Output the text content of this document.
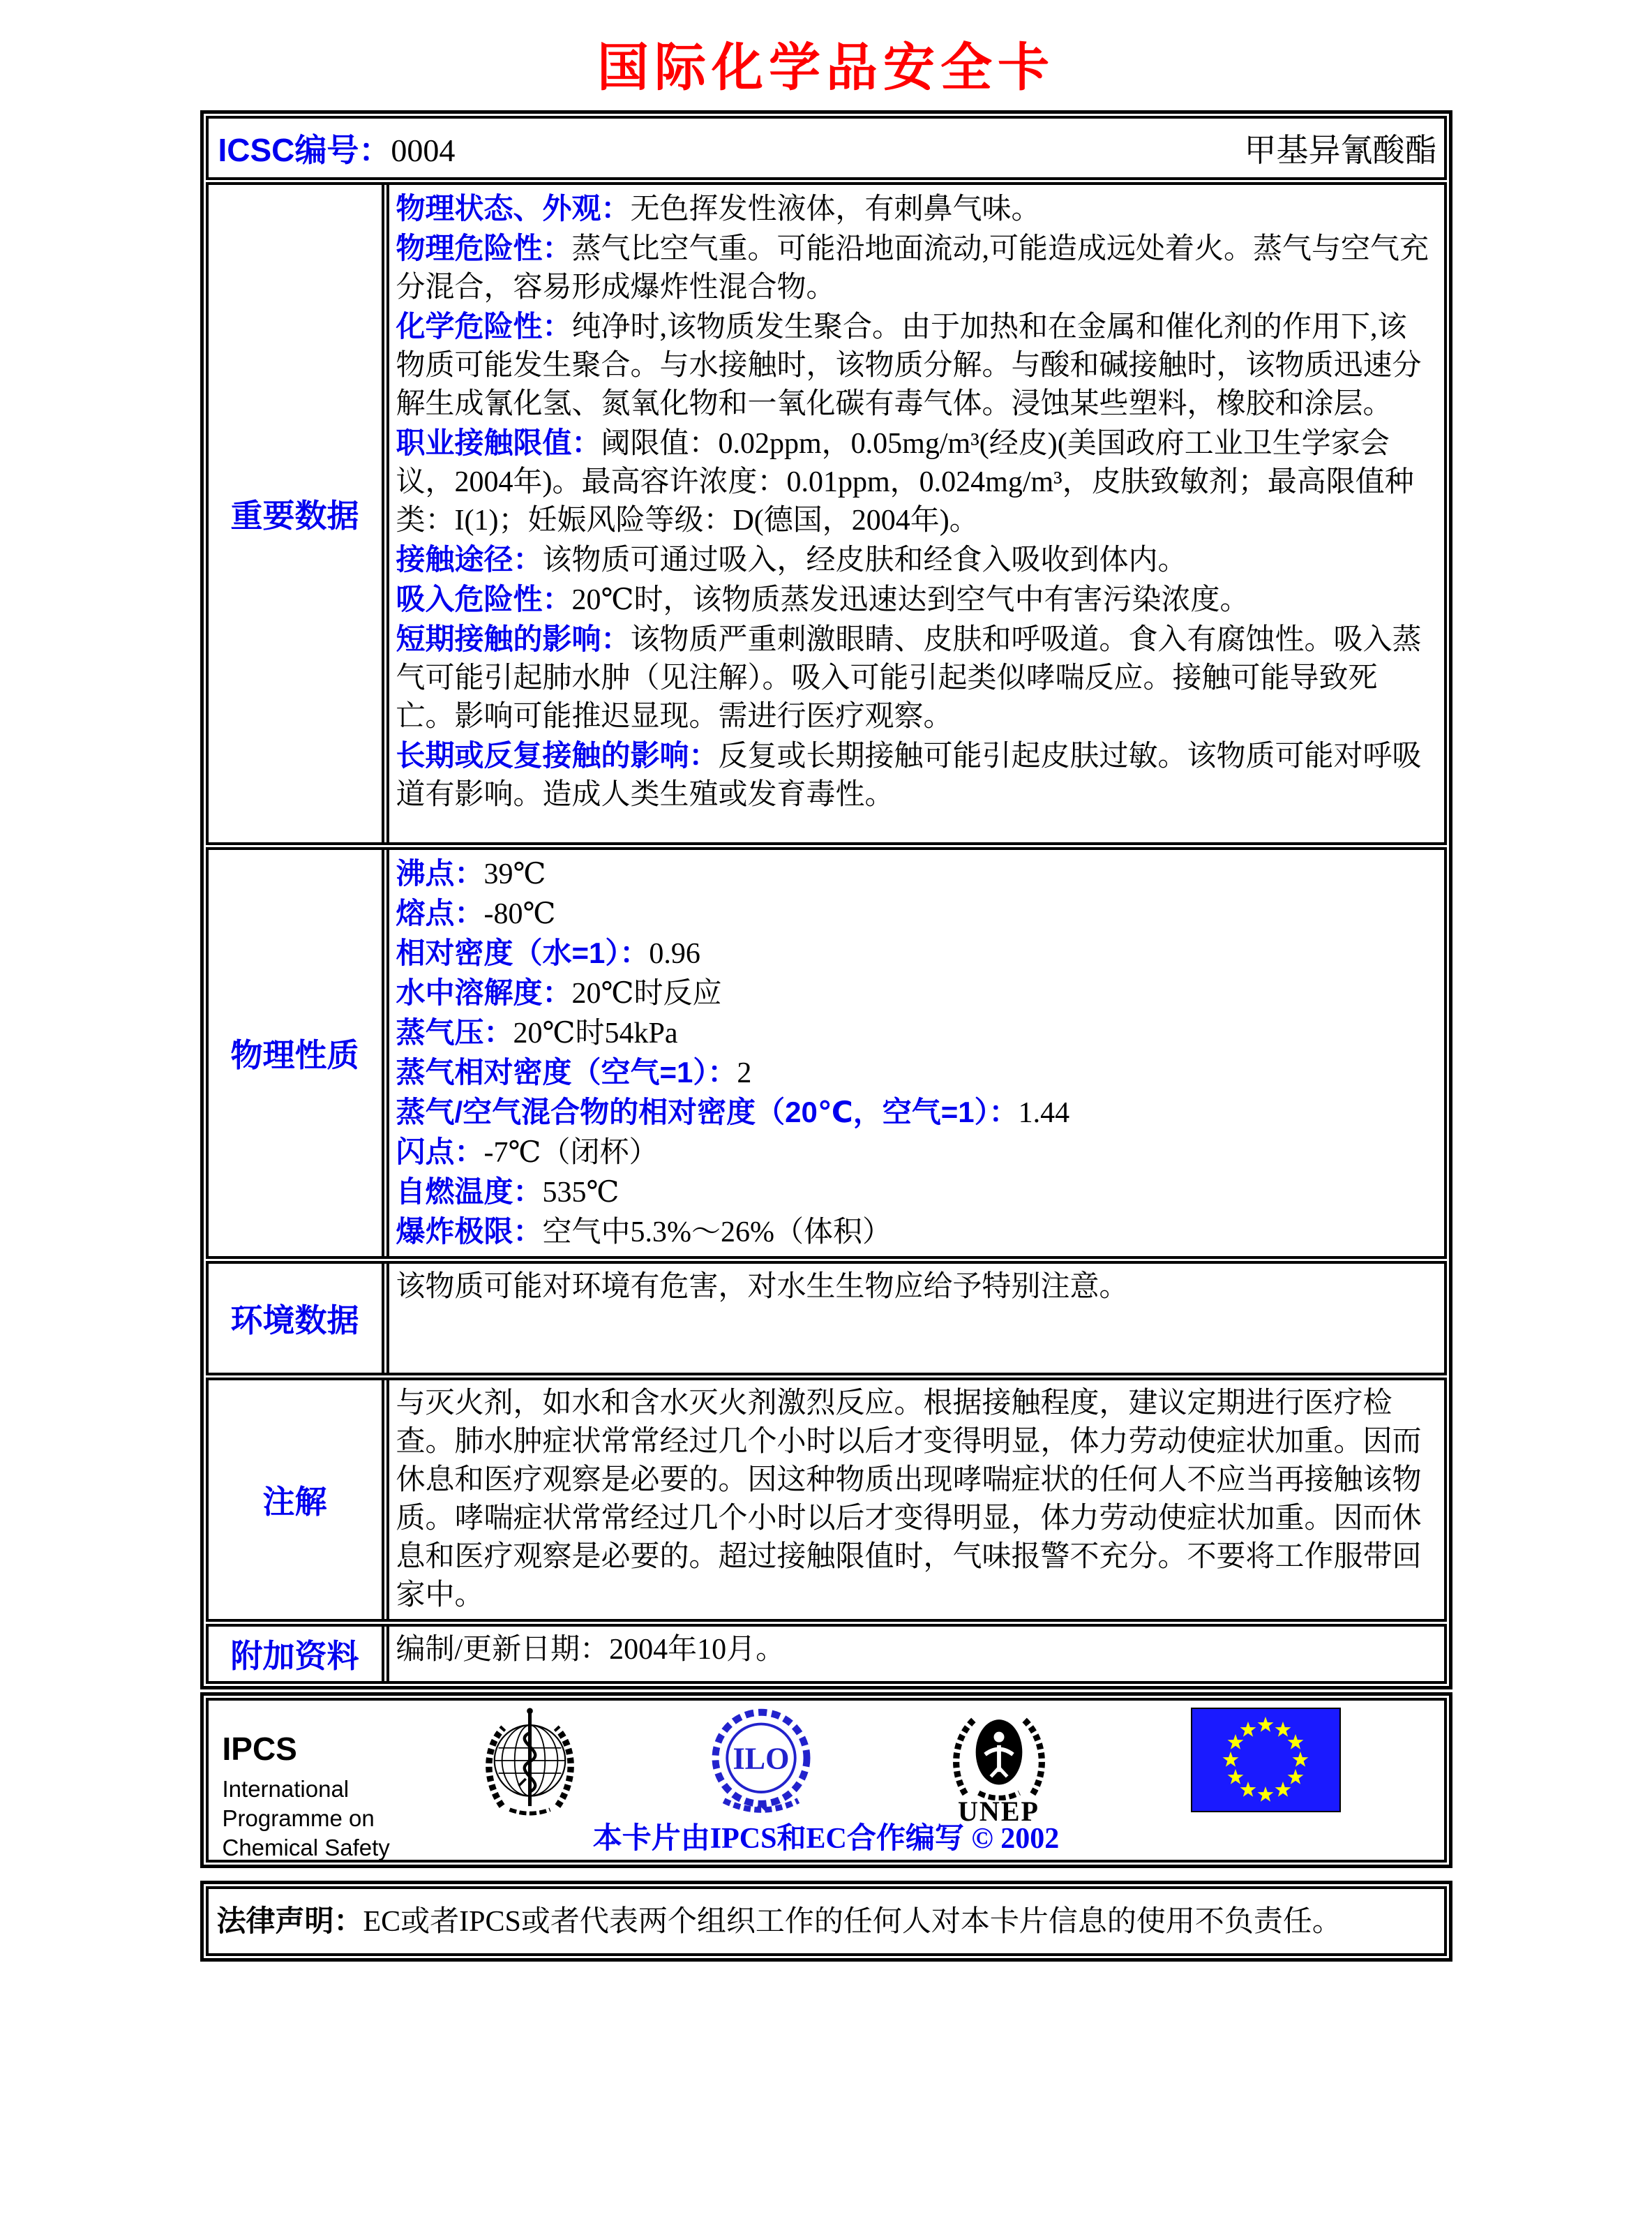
国际化学品安全卡
ICSC编号：0004	甲基异氰酸酯
重要数据
物理状态、外观：无色挥发性液体，有刺鼻气味。
物理危险性：蒸气比空气重。可能沿地面流动,可能造成远处着火。蒸气与空气充分混合，容易形成爆炸性混合物。
化学危险性：纯净时,该物质发生聚合。由于加热和在金属和催化剂的作用下,该物质可能发生聚合。与水接触时，该物质分解。与酸和碱接触时，该物质迅速分解生成氰化氢、氮氧化物和一氧化碳有毒气体。浸蚀某些塑料，橡胶和涂层。
职业接触限值：阈限值：0.02ppm，0.05mg/m³(经皮)(美国政府工业卫生学家会议，2004年)。最高容许浓度：0.01ppm，0.024mg/m³，皮肤致敏剂；最高限值种类：I(1)；妊娠风险等级：D(德国，2004年)。
接触途径：该物质可通过吸入，经皮肤和经食入吸收到体内。
吸入危险性：20℃时，该物质蒸发迅速达到空气中有害污染浓度。
短期接触的影响：该物质严重刺激眼睛、皮肤和呼吸道。食入有腐蚀性。吸入蒸气可能引起肺水肿（见注解）。吸入可能引起类似哮喘反应。接触可能导致死亡。影响可能推迟显现。需进行医疗观察。
长期或反复接触的影响：反复或长期接触可能引起皮肤过敏。该物质可能对呼吸道有影响。造成人类生殖或发育毒性。
物理性质
沸点：39℃
熔点：-80℃
相对密度（水=1）：0.96
水中溶解度：20℃时反应
蒸气压：20℃时54kPa
蒸气相对密度（空气=1）：2
蒸气/空气混合物的相对密度（20℃，空气=1）：1.44
闪点：-7℃（闭杯）
自燃温度：535℃
爆炸极限：空气中5.3%～26%（体积）
环境数据
该物质可能对环境有危害，对水生生物应给予特别注意。
注解
与灭火剂，如水和含水灭火剂激烈反应。根据接触程度，建议定期进行医疗检查。肺水肿症状常常经过几个小时以后才变得明显，体力劳动使症状加重。因而休息和医疗观察是必要的。因这种物质出现哮喘症状的任何人不应当再接触该物质。哮喘症状常常经过几个小时以后才变得明显，体力劳动使症状加重。因而休息和医疗观察是必要的。超过接触限值时，气味报警不充分。不要将工作服带回家中。
附加资料	编制/更新日期：2004年10月。
IPCS
International
Programme on
Chemical Safety
ILO
UNEP
本卡片由IPCS和EC合作编写 © 2002
法律声明：EC或者IPCS或者代表两个组织工作的任何人对本卡片信息的使用不负责任。
